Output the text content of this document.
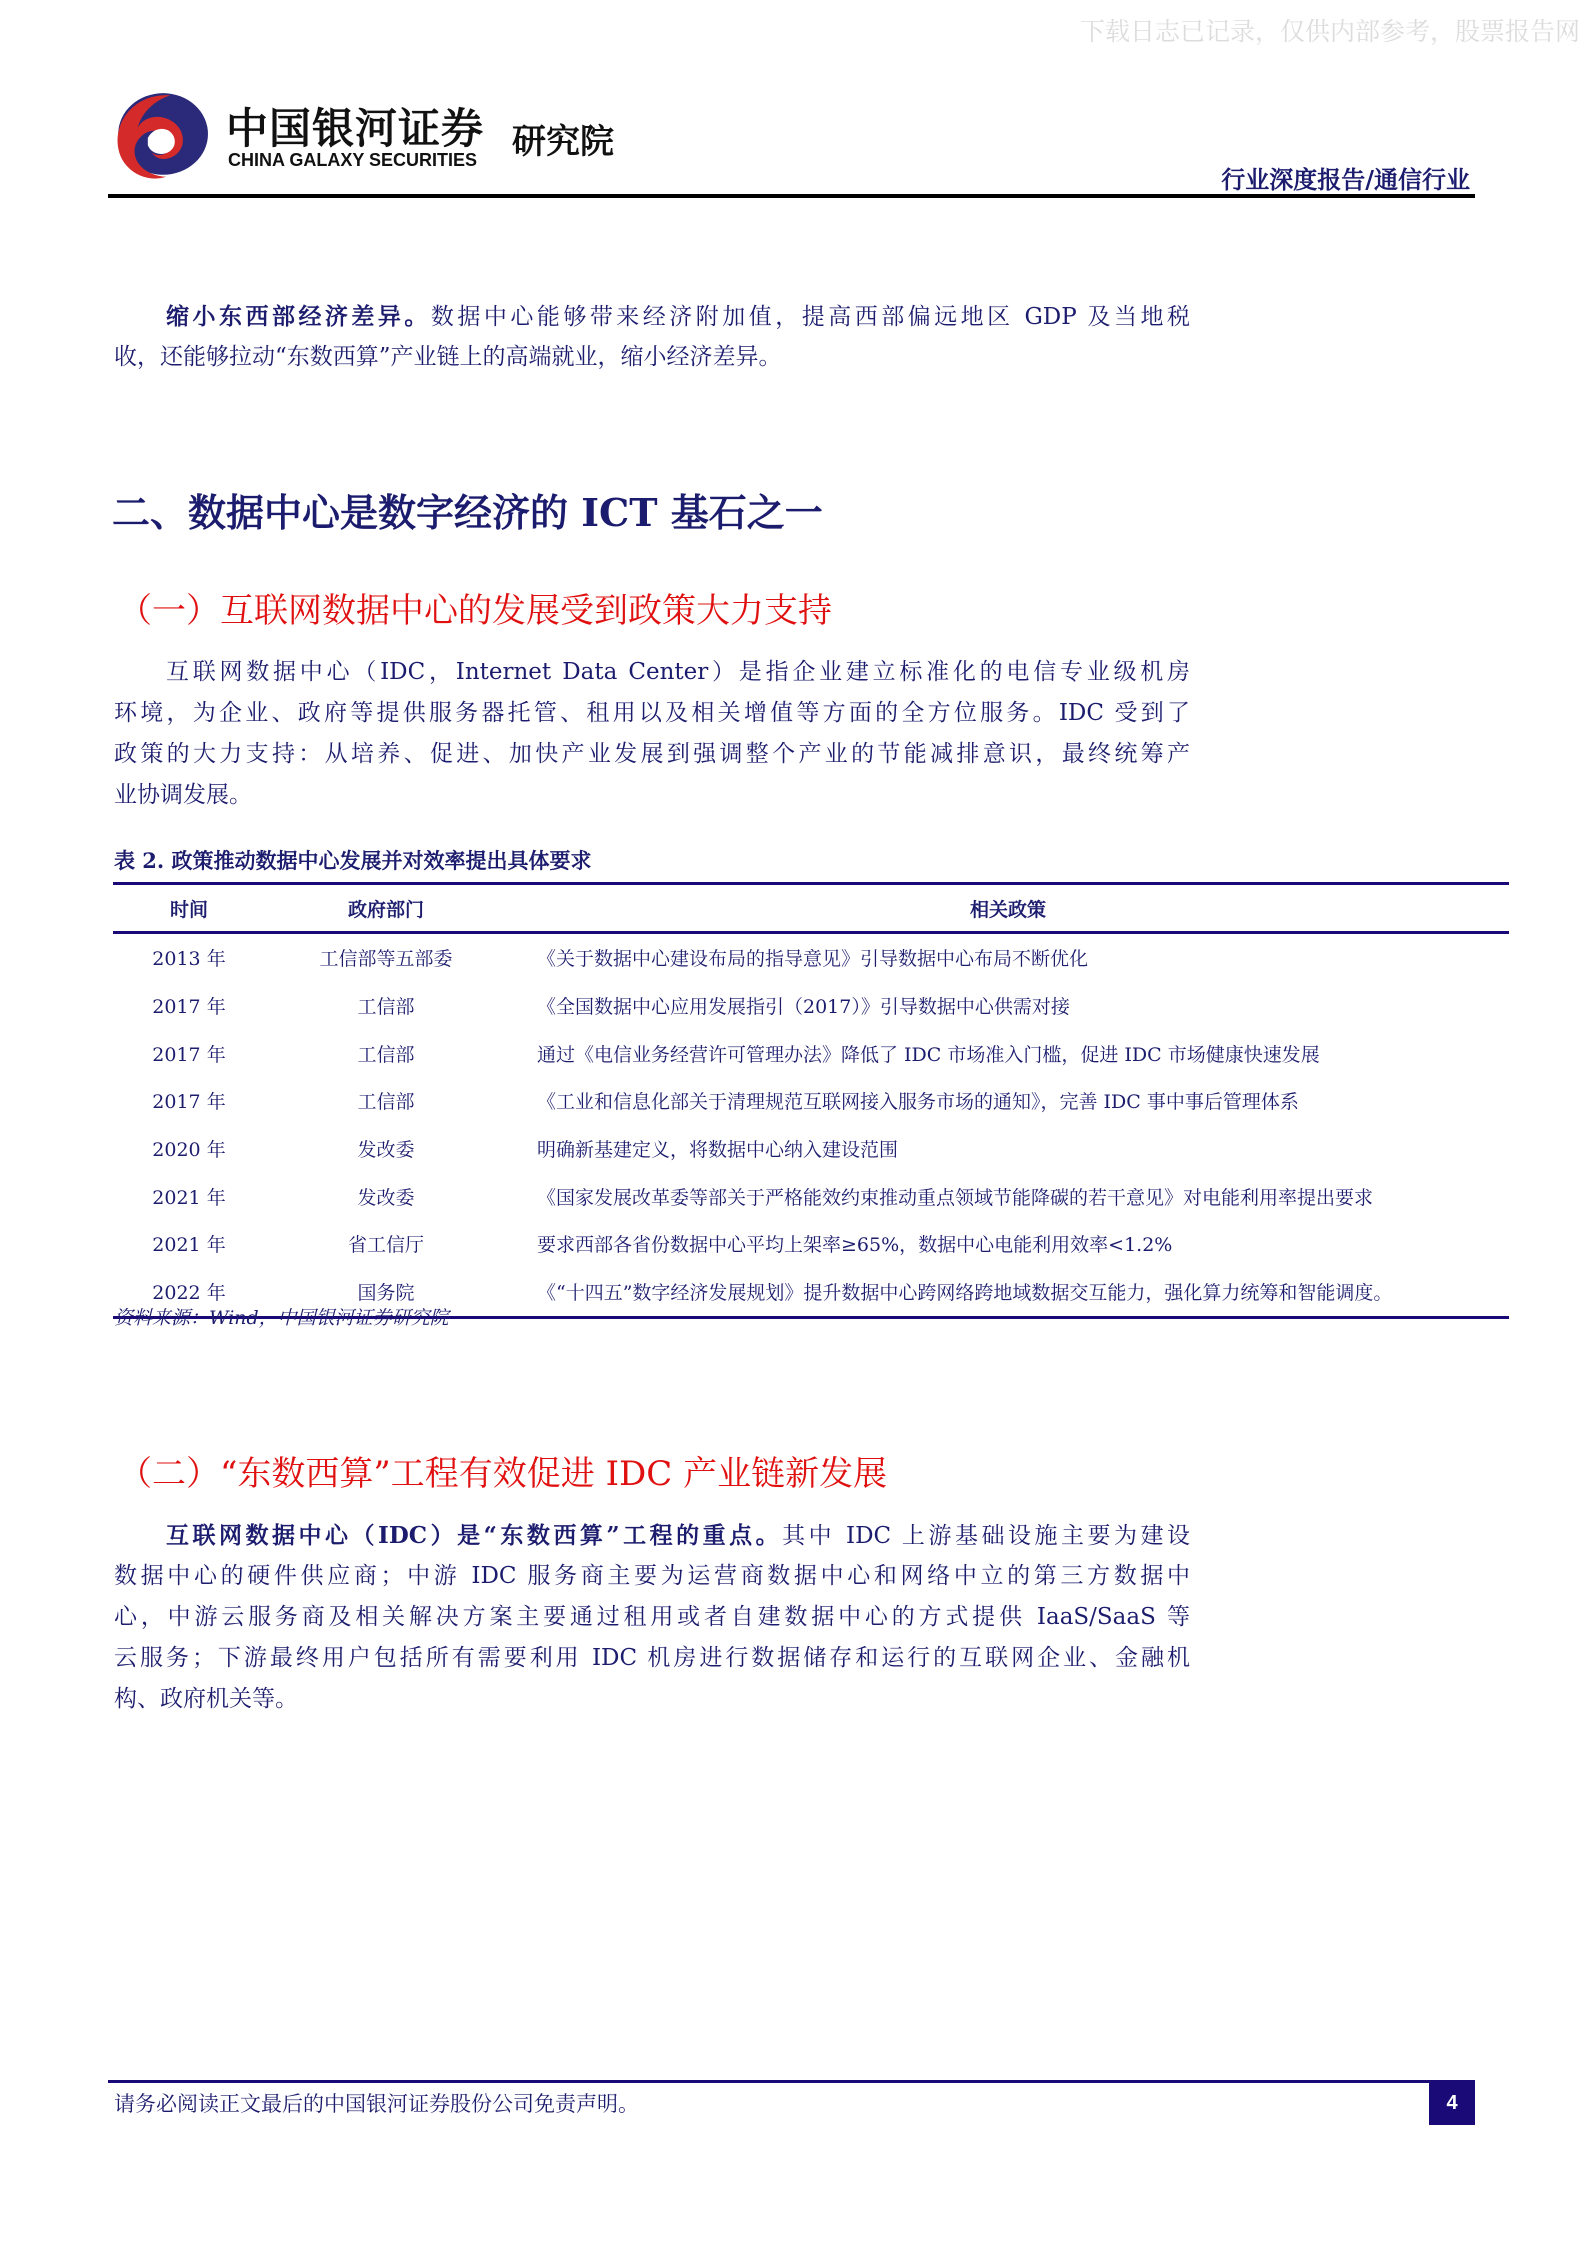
下载日志已记录，仅供内部参考，股票报告网
中国银河证券
CHINA GALAXY SECURITIES 研究院
行业深度报告/通信行业
缩小东西部经济差异。数据中心能够带来经济附加值，提高西部偏远地区 GDP 及当地税
收，还能够拉动“东数西算”产业链上的高端就业，缩小经济差异。
二、数据中心是数字经济的 ICT 基石之一
（一）互联网数据中心的发展受到政策大力支持
互联网数据中心（IDC，Internet Data Center）是指企业建立标准化的电信专业级机房
环境，为企业、政府等提供服务器托管、租用以及相关增值等方面的全方位服务。IDC 受到了
政策的大力支持：从培养、促进、加快产业发展到强调整个产业的节能减排意识，最终统筹产
业协调发展。
表 2. 政策推动数据中心发展并对效率提出具体要求
时间	政府部门	相关政策
2013 年	工信部等五部委	《关于数据中心建设布局的指导意见》引导数据中心布局不断优化
2017 年	工信部	《全国数据中心应用发展指引（2017）》引导数据中心供需对接
2017 年	工信部	通过《电信业务经营许可管理办法》降低了 IDC 市场准入门槛，促进 IDC 市场健康快速发展
2017 年	工信部	《工业和信息化部关于清理规范互联网接入服务市场的通知》，完善 IDC 事中事后管理体系
2020 年	发改委	明确新基建定义，将数据中心纳入建设范围
2021 年	发改委	《国家发展改革委等部关于严格能效约束推动重点领域节能降碳的若干意见》对电能利用率提出要求
2021 年	省工信厅	要求西部各省份数据中心平均上架率≥65%，数据中心电能利用效率<1.2%
2022 年	国务院	《“十四五”数字经济发展规划》提升数据中心跨网络跨地域数据交互能力，强化算力统筹和智能调度。
资料来源：Wind，中国银河证券研究院
（二）“东数西算”工程有效促进 IDC 产业链新发展
互联网数据中心（IDC）是“东数西算”工程的重点。其中 IDC 上游基础设施主要为建设
数据中心的硬件供应商；中游 IDC 服务商主要为运营商数据中心和网络中立的第三方数据中
心，中游云服务商及相关解决方案主要通过租用或者自建数据中心的方式提供 IaaS/SaaS 等
云服务；下游最终用户包括所有需要利用 IDC 机房进行数据储存和运行的互联网企业、金融机
构、政府机关等。
请务必阅读正文最后的中国银河证券股份公司免责声明。	4
